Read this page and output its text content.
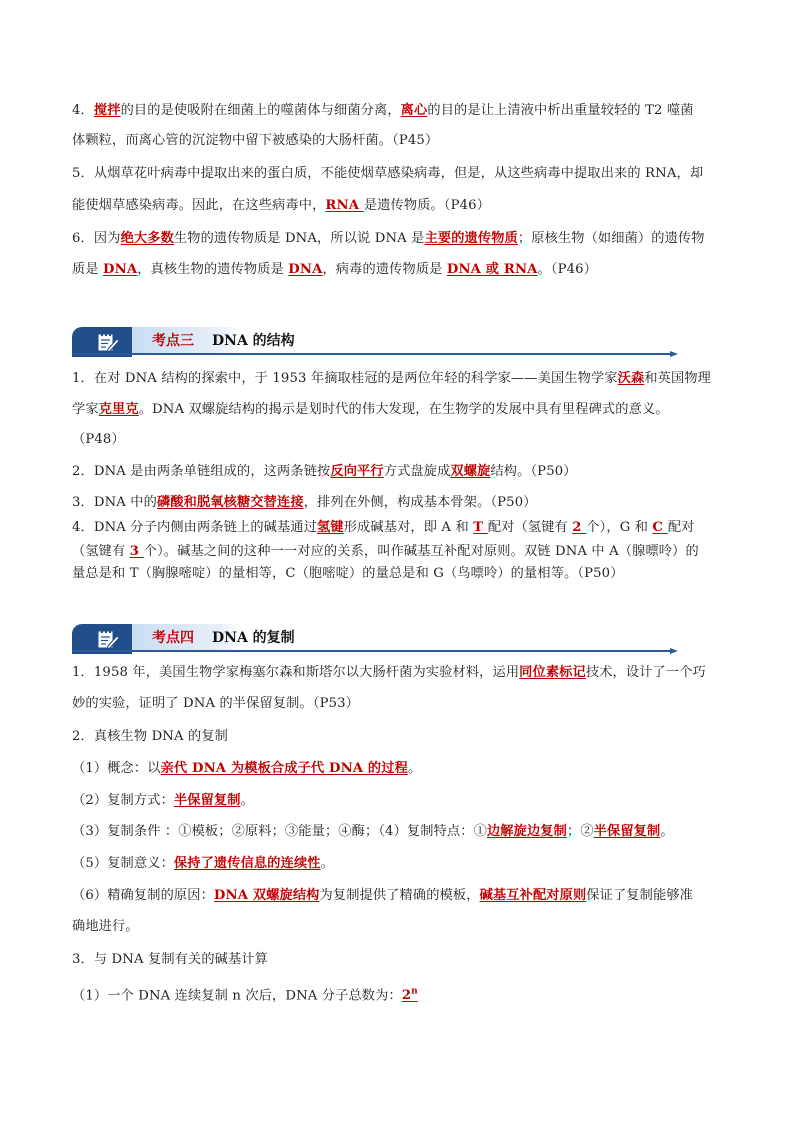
4．搅拌的目的是使吸附在细菌上的噬菌体与细菌分离，离心的目的是让上清液中析出重量较轻的 T2 噬菌
体颗粒，而离心管的沉淀物中留下被感染的大肠杆菌。（P45）
5．从烟草花叶病毒中提取出来的蛋白质，不能使烟草感染病毒，但是，从这些病毒中提取出来的 RNA，却
能使烟草感染病毒。因此，在这些病毒中，RNA 是遗传物质。（P46）
6．因为绝大多数生物的遗传物质是 DNA，所以说 DNA 是主要的遗传物质；原核生物（如细菌）的遗传物
质是 DNA，真核生物的遗传物质是 DNA，病毒的遗传物质是 DNA 或 RNA。（P46）
考点三 DNA 的结构
1．在对 DNA 结构的探索中，于 1953 年摘取桂冠的是两位年轻的科学家——美国生物学家沃森和英国物理
学家克里克。DNA 双螺旋结构的揭示是划时代的伟大发现，在生物学的发展中具有里程碑式的意义。
（P48）
2．DNA 是由两条单链组成的，这两条链按反向平行方式盘旋成双螺旋结构。（P50）
3．DNA 中的磷酸和脱氧核糖交替连接，排列在外侧，构成基本骨架。（P50）
4．DNA 分子内侧由两条链上的碱基通过氢键形成碱基对，即 A 和 T 配对（氢键有 2 个），G 和 C 配对
（氢键有 3 个）。碱基之间的这种一一对应的关系，叫作碱基互补配对原则。双链 DNA 中 A（腺嘌呤）的
量总是和 T（胸腺嘧啶）的量相等，C（胞嘧啶）的量总是和 G（鸟嘌呤）的量相等。（P50）
考点四 DNA 的复制
1．1958 年，美国生物学家梅塞尔森和斯塔尔以大肠杆菌为实验材料，运用同位素标记技术，设计了一个巧
妙的实验，证明了 DNA 的半保留复制。（P53）
2．真核生物 DNA 的复制
（1）概念：以亲代 DNA 为模板合成子代 DNA 的过程。
（2）复制方式：半保留复制。
（3）复制条件 ：①模板；②原料；③能量；④酶；（4）复制特点：①边解旋边复制；②半保留复制。
（5）复制意义：保持了遗传信息的连续性。
（6）精确复制的原因：DNA 双螺旋结构为复制提供了精确的模板，碱基互补配对原则保证了复制能够准
确地进行。
3．与 DNA 复制有关的碱基计算
（1）一个 DNA 连续复制 n 次后，DNA 分子总数为：2$^n$
